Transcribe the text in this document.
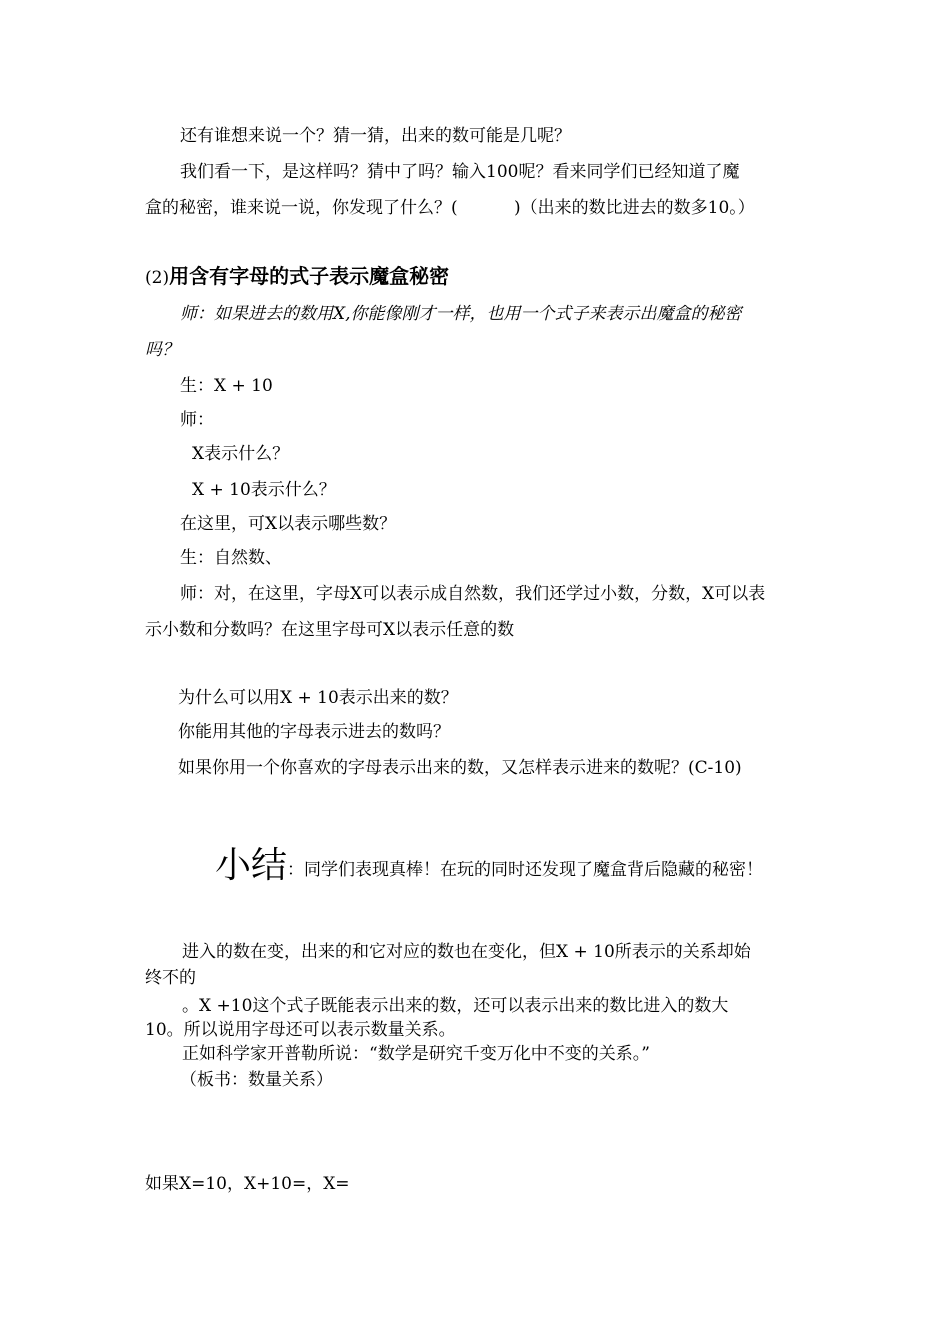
还有谁想来说一个？猜一猜，出来的数可能是几呢？
我们看一下，是这样吗？猜中了吗？输入100呢？看来同学们已经知道了魔
盒的秘密，谁来说一说，你发现了什么？(　　　 )（出来的数比进去的数多10。）
(2)用含有字母的式子表示魔盒秘密
师：如果进去的数用X,你能像刚才一样，也用一个式子来表示出魔盒的秘密
吗？
生：X + 10
师：
X表示什么？
X + 10表示什么？
在这里，可X以表示哪些数？
生：自然数、
师：对，在这里，字母X可以表示成自然数，我们还学过小数，分数，X可以表
示小数和分数吗？在这里字母可X以表示任意的数
为什么可以用X + 10表示出来的数？
你能用其他的字母表示进去的数吗？
如果你用一个你喜欢的字母表示出来的数，又怎样表示进来的数呢？(C-10)
小结：同学们表现真棒！在玩的同时还发现了魔盒背后隐藏的秘密！
进入的数在变，出来的和它对应的数也在变化，但X + 10所表示的关系却始
终不的
。X +10这个式子既能表示出来的数，还可以表示出来的数比进入的数大
10。所以说用字母还可以表示数量关系。
正如科学家开普勒所说：“数学是研究千变万化中不变的关系。”
（板书：数量关系）
如果X=10，X+10=，X=
